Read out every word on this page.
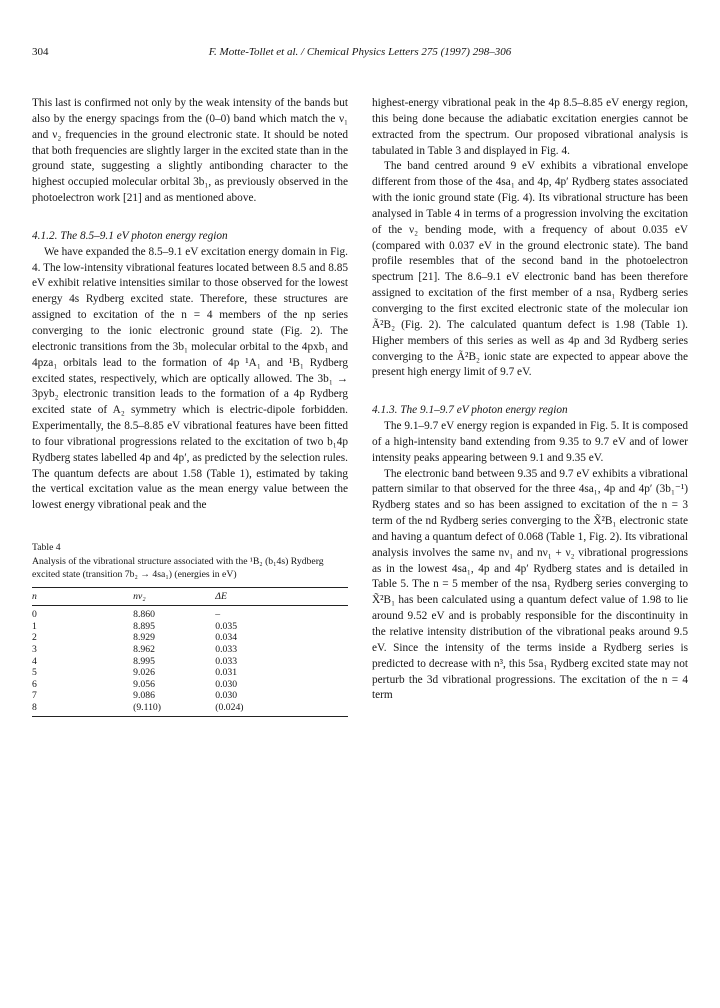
304	F. Motte-Tollet et al. / Chemical Physics Letters 275 (1997) 298–306

This last is confirmed not only by the weak intensity of the bands but also by the energy spacings from the (0–0) band which match the ν₁ and ν₂ frequencies in the ground electronic state. It should be noted that both frequencies are slightly larger in the excited state than in the ground state, suggesting a slightly antibonding character to the highest occupied molecular orbital 3b₁, as previously observed in the photoelectron work [21] and as mentioned above.

4.1.2. The 8.5–9.1 eV photon energy region

We have expanded the 8.5–9.1 eV excitation energy domain in Fig. 4. The low-intensity vibrational features located between 8.5 and 8.85 eV exhibit relative intensities similar to those observed for the lowest energy 4s Rydberg excited state. Therefore, these structures are assigned to excitation of the n = 4 members of the np series converging to the ionic electronic ground state (Fig. 2). The electronic transitions from the 3b₁ molecular orbital to the 4pxb₁ and 4pza₁ orbitals lead to the formation of 4p ¹A₁ and ¹B₁ Rydberg excited states, respectively, which are optically allowed. The 3b₁ → 3pyb₂ electronic transition leads to the formation of a 4p Rydberg excited state of A₂ symmetry which is electric-dipole forbidden. Experimentally, the 8.5–8.85 eV vibrational features have been fitted to four vibrational progressions related to the excitation of two b₁4p Rydberg states labelled 4p and 4p′, as predicted by the selection rules. The quantum defects are about 1.58 (Table 1), estimated by taking the vertical excitation value as the mean energy value between the lowest energy vibrational peak and the

Table 4
Analysis of the vibrational structure associated with the ¹B₂ (b₁4s) Rydberg excited state (transition 7b₂ → 4sa₁) (energies in eV)
n	nν₂	ΔE
0	8.860	–
1	8.895	0.035
2	8.929	0.034
3	8.962	0.033
4	8.995	0.033
5	9.026	0.031
6	9.056	0.030
7	9.086	0.030
8	(9.110)	(0.024)

highest-energy vibrational peak in the 4p 8.5–8.85 eV energy region, this being done because the adiabatic excitation energies cannot be extracted from the spectrum. Our proposed vibrational analysis is tabulated in Table 3 and displayed in Fig. 4.

The band centred around 9 eV exhibits a vibrational envelope different from those of the 4sa₁ and 4p, 4p′ Rydberg states associated with the ionic ground state (Fig. 4). Its vibrational structure has been analysed in Table 4 in terms of a progression involving the excitation of the ν₂ bending mode, with a frequency of about 0.035 eV (compared with 0.037 eV in the ground electronic state). The band profile resembles that of the second band in the photoelectron spectrum [21]. The 8.6–9.1 eV electronic band has been therefore assigned to excitation of the first member of a nsa₁ Rydberg series converging to the first excited electronic state of the molecular ion Ã²B₂ (Fig. 2). The calculated quantum defect is 1.98 (Table 1). Higher members of this series as well as 4p and 3d Rydberg series converging to the Ã²B₂ ionic state are expected to appear above the present high energy limit of 9.7 eV.

4.1.3. The 9.1–9.7 eV photon energy region

The 9.1–9.7 eV energy region is expanded in Fig. 5. It is composed of a high-intensity band extending from 9.35 to 9.7 eV and of lower intensity peaks appearing between 9.1 and 9.35 eV.

The electronic band between 9.35 and 9.7 eV exhibits a vibrational pattern similar to that observed for the three 4sa₁, 4p and 4p′ (3b₁⁻¹) Rydberg states and so has been assigned to excitation of the n = 3 term of the nd Rydberg series converging to the X̃²B₁ electronic state and having a quantum defect of 0.068 (Table 1, Fig. 2). Its vibrational analysis involves the same nν₁ and nν₁ + ν₂ vibrational progressions as in the lowest 4sa₁, 4p and 4p′ Rydberg states and is detailed in Table 5. The n = 5 member of the nsa₁ Rydberg series converging to X̃²B₁ has been calculated using a quantum defect value of 1.98 to lie around 9.52 eV and is probably responsible for the discontinuity in the relative intensity distribution of the vibrational peaks around 9.5 eV. Since the intensity of the terms inside a Rydberg series is predicted to decrease with n³, this 5sa₁ Rydberg excited state may not perturb the 3d vibrational progressions. The excitation of the n = 4 term
